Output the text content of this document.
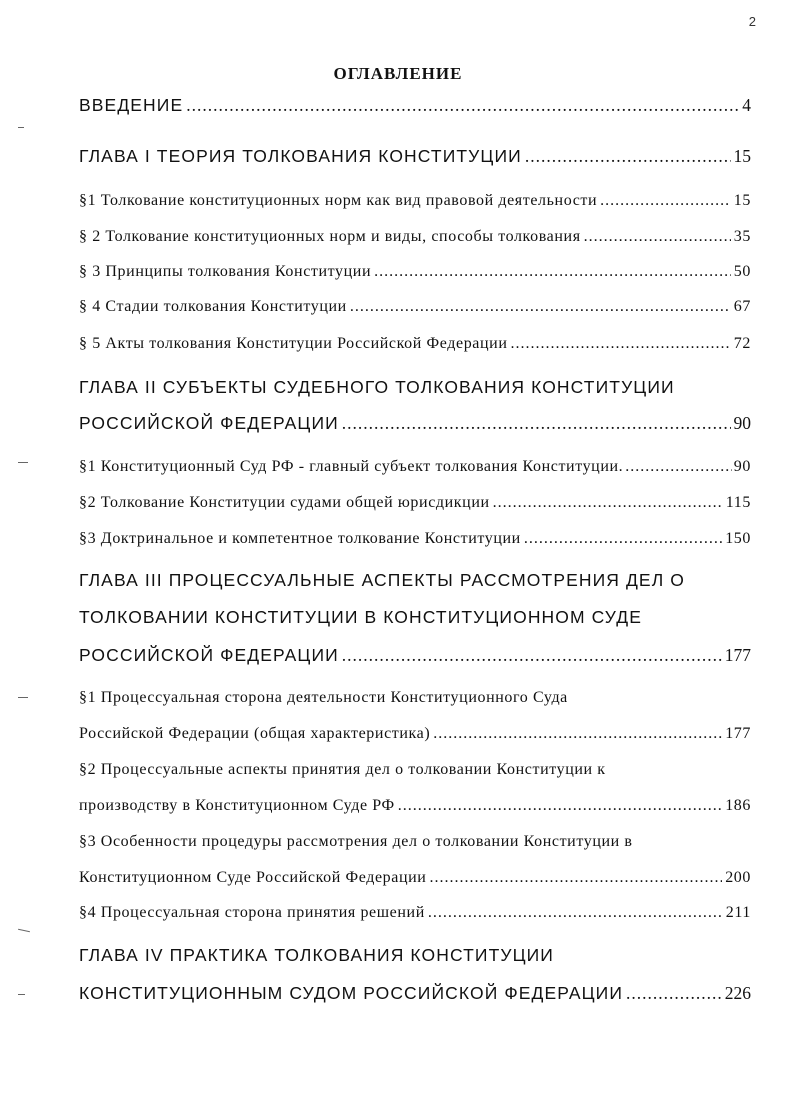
2
ОГЛАВЛЕНИЕ
ВВЕДЕНИЕ .....	4
ГЛАВА I ТЕОРИЯ ТОЛКОВАНИЯ КОНСТИТУЦИИ .....	15
§1 Толкование конституционных норм как вид правовой деятельности .....	15
§ 2 Толкование конституционных норм и виды, способы толкования .....	35
§ 3 Принципы толкования Конституции .....	50
§ 4 Стадии толкования Конституции .....	67
§ 5 Акты толкования Конституции Российской Федерации .....	72
ГЛАВА II СУБЪЕКТЫ СУДЕБНОГО ТОЛКОВАНИЯ КОНСТИТУЦИИ
РОССИЙСКОЙ ФЕДЕРАЦИИ .....	90
§1 Конституционный Суд РФ - главный субъект толкования Конституции. .....	90
§2 Толкование Конституции судами общей юрисдикции .....	115
§3 Доктринальное и компетентное толкование Конституции .....	150
ГЛАВА III ПРОЦЕССУАЛЬНЫЕ АСПЕКТЫ РАССМОТРЕНИЯ ДЕЛ О
ТОЛКОВАНИИ КОНСТИТУЦИИ В КОНСТИТУЦИОННОМ СУДЕ
РОССИЙСКОЙ ФЕДЕРАЦИИ .....	177
§1 Процессуальная сторона деятельности Конституционного Суда
Российской Федерации (общая характеристика) .....	177
§2 Процессуальные аспекты принятия дел о толковании Конституции к
производству в Конституционном Суде РФ .....	186
§3 Особенности процедуры рассмотрения дел о толковании Конституции в
Конституционном Суде Российской Федерации .....	200
§4 Процессуальная сторона принятия решений .....	211
ГЛАВА IV ПРАКТИКА ТОЛКОВАНИЯ КОНСТИТУЦИИ
КОНСТИТУЦИОННЫМ СУДОМ РОССИЙСКОЙ ФЕДЕРАЦИИ .....	226
